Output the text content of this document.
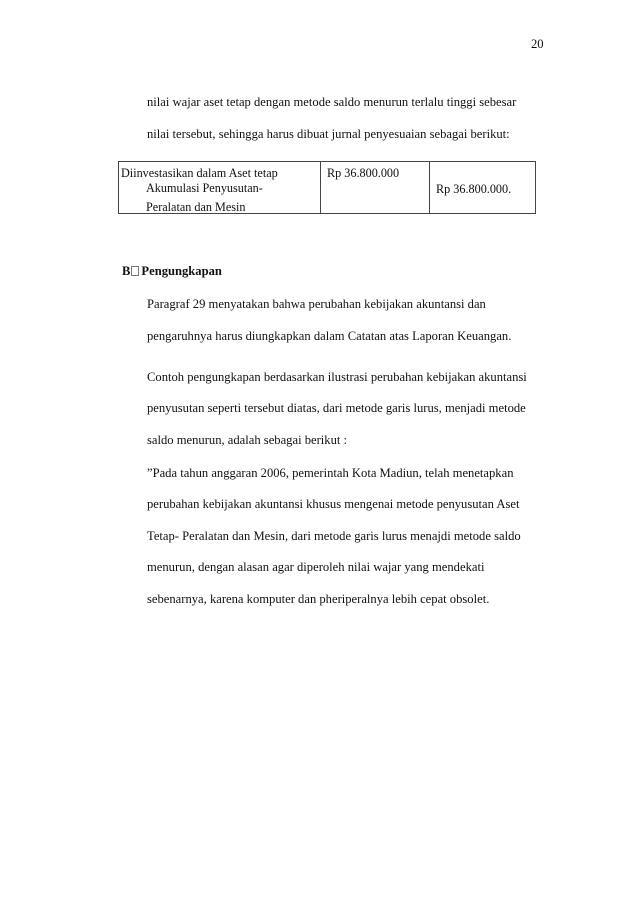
20
nilai wajar aset tetap dengan metode saldo menurun terlalu tinggi sebesar
nilai tersebut, sehingga harus dibuat jurnal penyesuaian sebagai berikut:
Diinvestasikan dalam Aset tetap
Akumulasi Penyusutan-
Peralatan dan Mesin
Rp 36.800.000
Rp 36.800.000.
B Pengungkapan
Paragraf 29 menyatakan bahwa perubahan kebijakan akuntansi dan
pengaruhnya harus diungkapkan dalam Catatan atas Laporan Keuangan.
Contoh pengungkapan berdasarkan ilustrasi perubahan kebijakan akuntansi
penyusutan seperti tersebut diatas, dari metode garis lurus, menjadi metode
saldo menurun, adalah sebagai berikut :
”Pada tahun anggaran 2006, pemerintah Kota Madiun, telah menetapkan
perubahan kebijakan akuntansi khusus mengenai metode penyusutan Aset
Tetap- Peralatan dan Mesin, dari metode garis lurus menajdi metode saldo
menurun, dengan alasan agar diperoleh nilai wajar yang mendekati
sebenarnya, karena komputer dan pheriperalnya lebih cepat obsolet.
